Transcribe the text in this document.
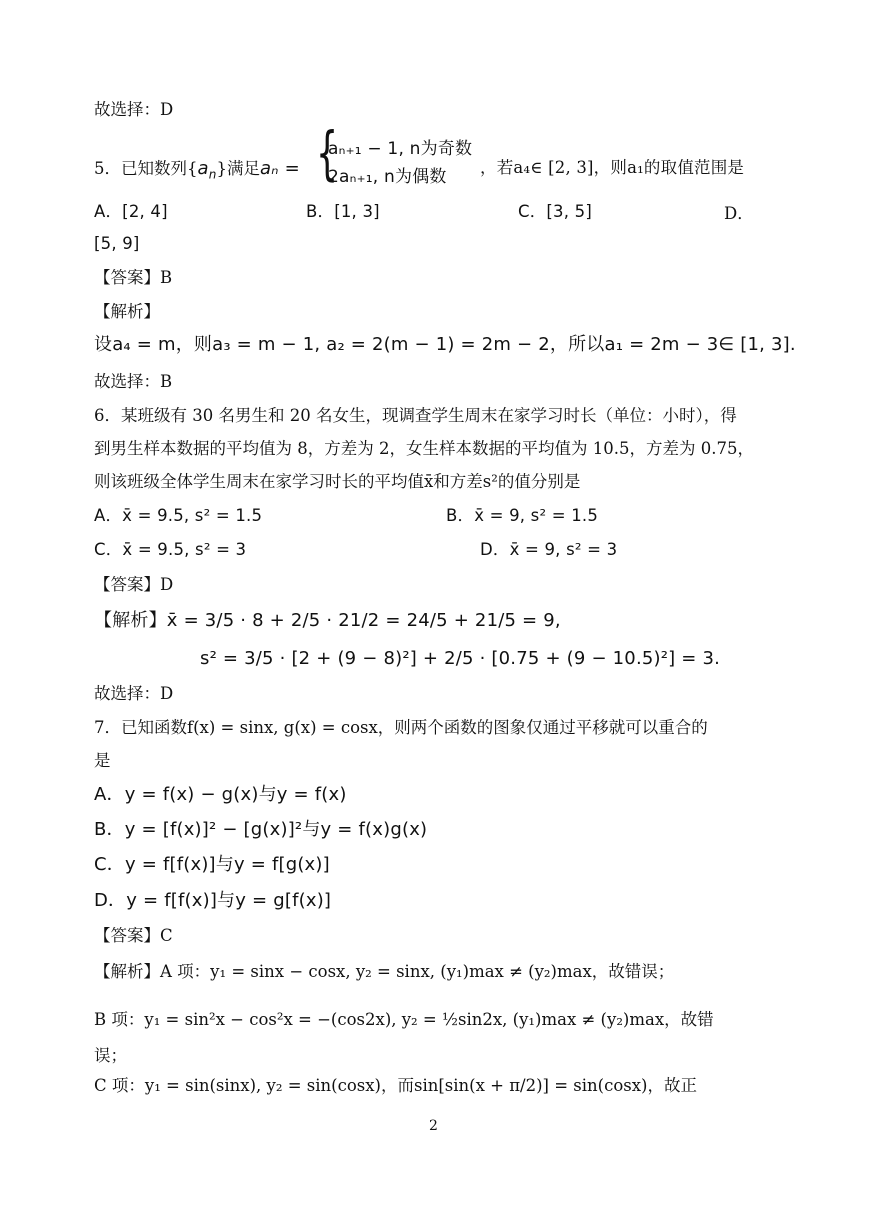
故选择：D
5．已知数列$\{a_n\}$满足aₙ = {
aₙ₊₁ − 1, n为奇数
2aₙ₊₁, n为偶数 ，若a₄∈ [2, 3]，则a₁的取值范围是
A．[2, 4]	B．[1, 3]	C．[3, 5]	D．
[5, 9]
【答案】B
【解析】
设a₄ = m，则a₃ = m − 1, a₂ = 2(m − 1) = 2m − 2，所以a₁ = 2m − 3∈ [1, 3].
故选择：B
6．某班级有 30 名男生和 20 名女生，现调查学生周末在家学习时长（单位：小时），得
到男生样本数据的平均值为 8，方差为 2，女生样本数据的平均值为 10.5，方差为 0.75，
则该班级全体学生周末在家学习时长的平均值x̄和方差s²的值分别是
A．x̄ = 9.5, s² = 1.5	B．x̄ = 9, s² = 1.5
C．x̄ = 9.5, s² = 3	D．x̄ = 9, s² = 3
【答案】D
【解析】x̄ = 3/5 · 8 + 2/5 · 21/2 = 24/5 + 21/5 = 9,
s² = 3/5 · [2 + (9 − 8)²] + 2/5 · [0.75 + (9 − 10.5)²] = 3.
故选择：D
7．已知函数f(x) = sinx, g(x) = cosx，则两个函数的图象仅通过平移就可以重合的
是
A．y = f(x) − g(x)与y = f(x)
B．y = [f(x)]² − [g(x)]²与y = f(x)g(x)
C．y = f[f(x)]与y = f[g(x)]
D．y = f[f(x)]与y = g[f(x)]
【答案】C
【解析】A 项：y₁ = sinx − cosx, y₂ = sinx, (y₁)max ≠ (y₂)max，故错误；
B 项：y₁ = sin²x − cos²x = −(cos2x), y₂ = ½sin2x, (y₁)max ≠ (y₂)max，故错
误；
C 项：y₁ = sin(sinx), y₂ = sin(cosx)，而sin[sin(x + π/2)] = sin(cosx)，故正
2
